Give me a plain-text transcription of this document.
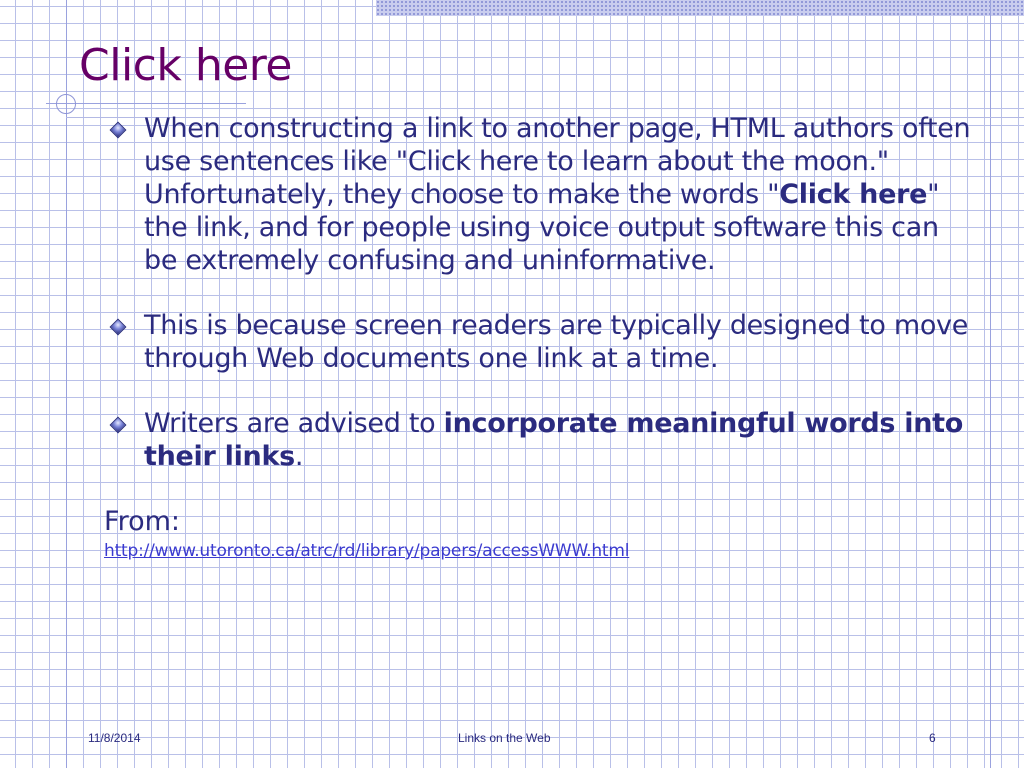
Click here
When constructing a link to another page, HTML authors often use sentences like "Click here to learn about the moon." Unfortunately, they choose to make the words "Click here" the link, and for people using voice output software this can be extremely confusing and uninformative.
This is because screen readers are typically designed to move through Web documents one link at a time.
Writers are advised to incorporate meaningful words into their links.
From:
http://www.utoronto.ca/atrc/rd/library/papers/accessWWW.html
11/8/2014	Links on the Web	6
